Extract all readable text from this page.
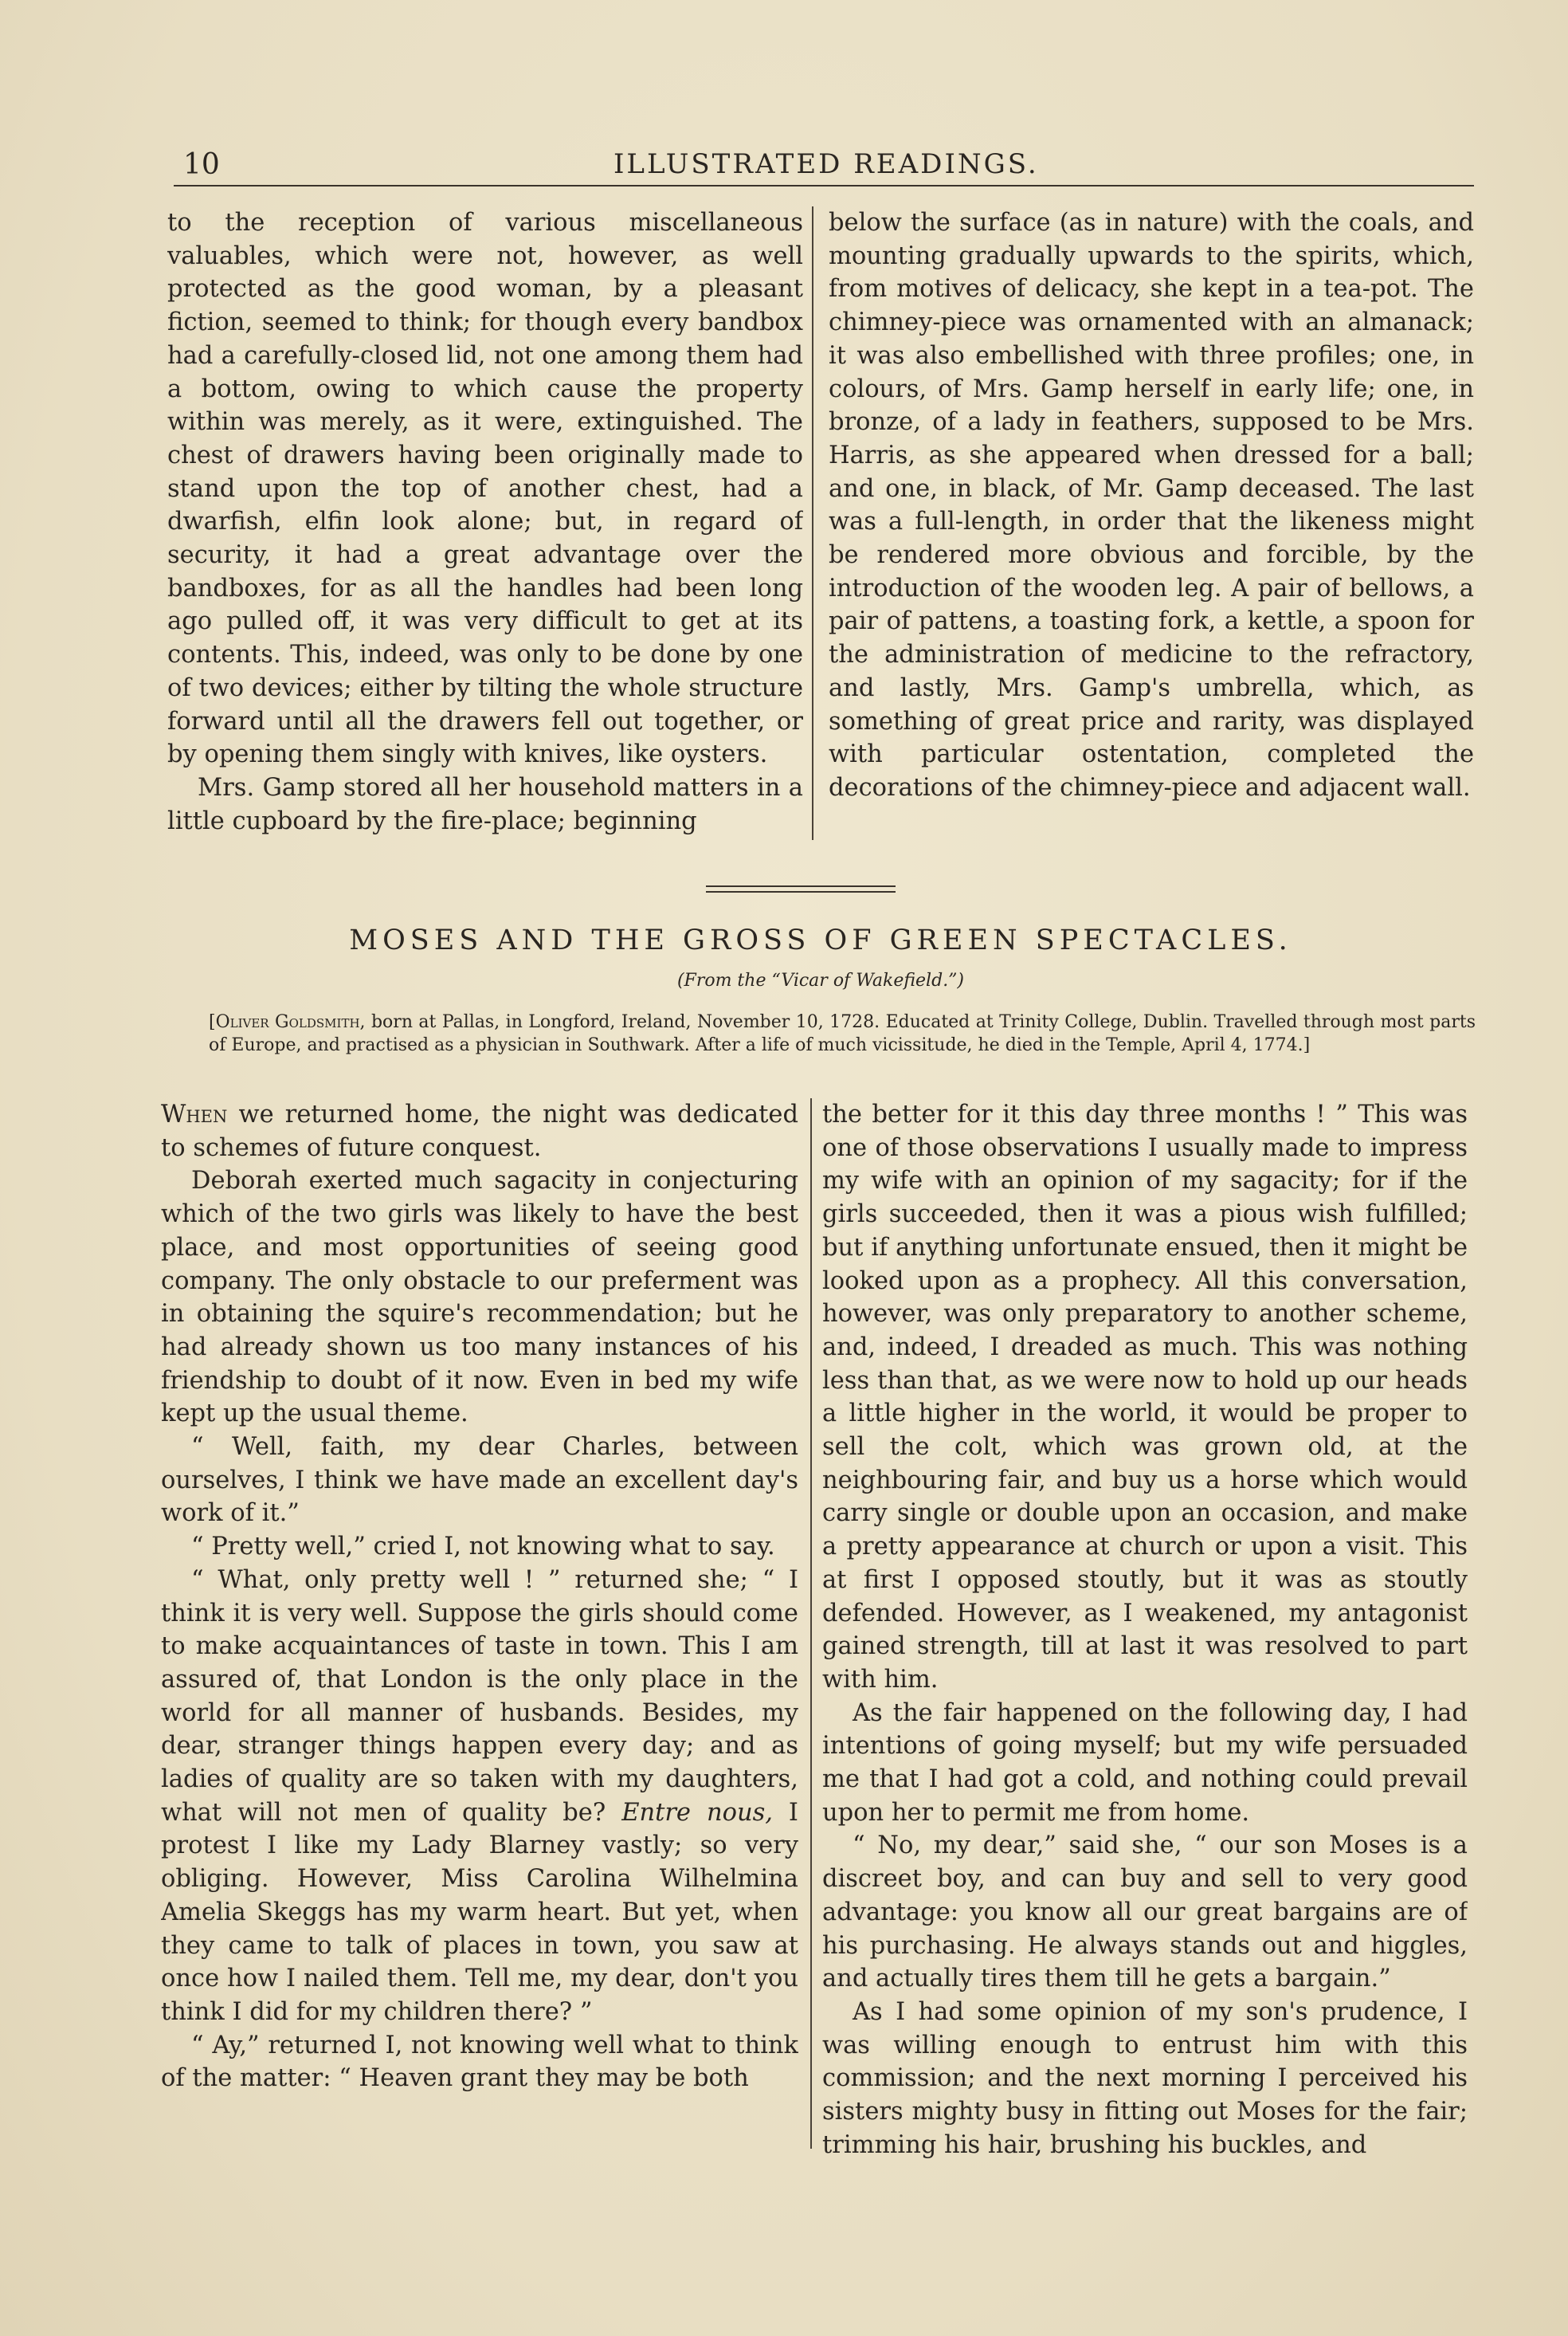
10	ILLUSTRATED READINGS.

to the reception of various miscellaneous valuables, which were not, however, as well protected as the good woman, by a pleasant fiction, seemed to think; for though every bandbox had a carefully-closed lid, not one among them had a bottom, owing to which cause the property within was merely, as it were, extinguished. The chest of drawers having been originally made to stand upon the top of another chest, had a dwarfish, elfin look alone; but, in regard of security, it had a great advantage over the bandboxes, for as all the handles had been long ago pulled off, it was very difficult to get at its contents. This, indeed, was only to be done by one of two devices; either by tilting the whole structure forward until all the drawers fell out together, or by opening them singly with knives, like oysters.

Mrs. Gamp stored all her household matters in a little cupboard by the fire-place; beginning

below the surface (as in nature) with the coals, and mounting gradually upwards to the spirits, which, from motives of delicacy, she kept in a tea-pot. The chimney-piece was ornamented with an almanack; it was also embellished with three profiles; one, in colours, of Mrs. Gamp herself in early life; one, in bronze, of a lady in feathers, supposed to be Mrs. Harris, as she appeared when dressed for a ball; and one, in black, of Mr. Gamp deceased. The last was a full-length, in order that the likeness might be rendered more obvious and forcible, by the introduction of the wooden leg. A pair of bellows, a pair of pattens, a toasting fork, a kettle, a spoon for the administration of medicine to the refractory, and lastly, Mrs. Gamp's umbrella, which, as something of great price and rarity, was displayed with particular ostentation, completed the decorations of the chimney-piece and adjacent wall.

MOSES AND THE GROSS OF GREEN SPECTACLES.
(From the “Vicar of Wakefield.”)
[Oliver Goldsmith, born at Pallas, in Longford, Ireland, November 10, 1728. Educated at Trinity College, Dublin. Travelled through most parts of Europe, and practised as a physician in Southwark. After a life of much vicissitude, he died in the Temple, April 4, 1774.]

When we returned home, the night was dedicated to schemes of future conquest.

Deborah exerted much sagacity in conjecturing which of the two girls was likely to have the best place, and most opportunities of seeing good company. The only obstacle to our preferment was in obtaining the squire's recommendation; but he had already shown us too many instances of his friendship to doubt of it now. Even in bed my wife kept up the usual theme.

“ Well, faith, my dear Charles, between ourselves, I think we have made an excellent day's work of it.”

“ Pretty well,” cried I, not knowing what to say.

“ What, only pretty well ! ” returned she; “ I think it is very well. Suppose the girls should come to make acquaintances of taste in town. This I am assured of, that London is the only place in the world for all manner of husbands. Besides, my dear, stranger things happen every day; and as ladies of quality are so taken with my daughters, what will not men of quality be? Entre nous, I protest I like my Lady Blarney vastly; so very obliging. However, Miss Carolina Wilhelmina Amelia Skeggs has my warm heart. But yet, when they came to talk of places in town, you saw at once how I nailed them. Tell me, my dear, don't you think I did for my children there? ”

“ Ay,” returned I, not knowing well what to think of the matter: “ Heaven grant they may be both

the better for it this day three months ! ” This was one of those observations I usually made to impress my wife with an opinion of my sagacity; for if the girls succeeded, then it was a pious wish fulfilled; but if anything unfortunate ensued, then it might be looked upon as a prophecy. All this conversation, however, was only preparatory to another scheme, and, indeed, I dreaded as much. This was nothing less than that, as we were now to hold up our heads a little higher in the world, it would be proper to sell the colt, which was grown old, at the neighbouring fair, and buy us a horse which would carry single or double upon an occasion, and make a pretty appearance at church or upon a visit. This at first I opposed stoutly, but it was as stoutly defended. However, as I weakened, my antagonist gained strength, till at last it was resolved to part with him.

As the fair happened on the following day, I had intentions of going myself; but my wife persuaded me that I had got a cold, and nothing could prevail upon her to permit me from home.

“ No, my dear,” said she, “ our son Moses is a discreet boy, and can buy and sell to very good advantage: you know all our great bargains are of his purchasing. He always stands out and higgles, and actually tires them till he gets a bargain.”

As I had some opinion of my son's prudence, I was willing enough to entrust him with this commission; and the next morning I perceived his sisters mighty busy in fitting out Moses for the fair; trimming his hair, brushing his buckles, and
